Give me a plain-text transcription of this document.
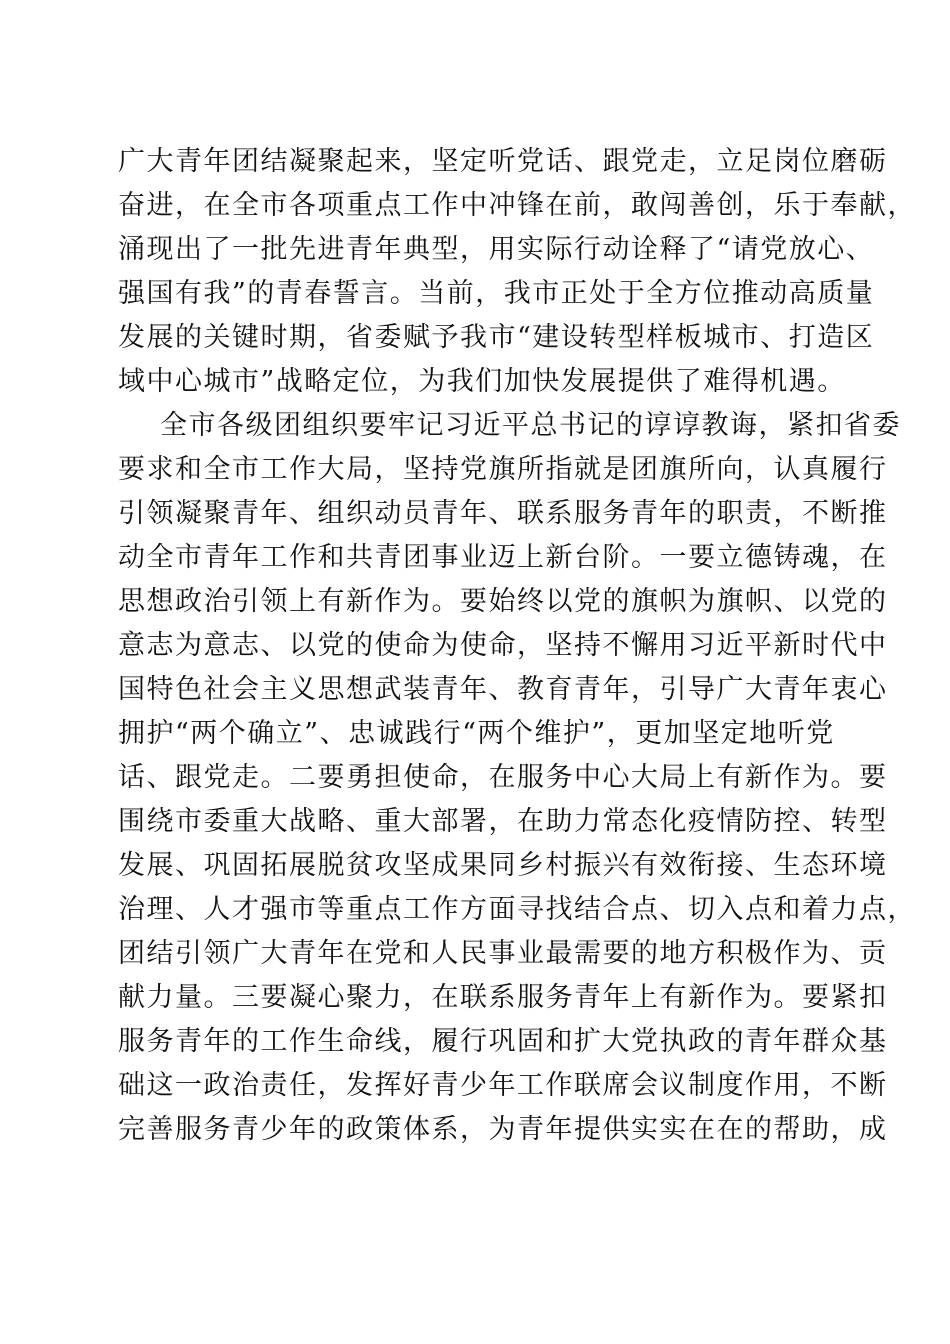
广大青年团结凝聚起来，坚定听党话、跟党走，立足岗位磨砺
奋进，在全市各项重点工作中冲锋在前，敢闯善创，乐于奉献，
涌现出了一批先进青年典型，用实际行动诠释了“请党放心、
强国有我”的青春誓言。当前，我市正处于全方位推动高质量
发展的关键时期，省委赋予我市“建设转型样板城市、打造区
域中心城市”战略定位，为我们加快发展提供了难得机遇。
全市各级团组织要牢记习近平总书记的谆谆教诲，紧扣省委
要求和全市工作大局，坚持党旗所指就是团旗所向，认真履行
引领凝聚青年、组织动员青年、联系服务青年的职责，不断推
动全市青年工作和共青团事业迈上新台阶。一要立德铸魂，在
思想政治引领上有新作为。要始终以党的旗帜为旗帜、以党的
意志为意志、以党的使命为使命，坚持不懈用习近平新时代中
国特色社会主义思想武装青年、教育青年，引导广大青年衷心
拥护“两个确立”、忠诚践行“两个维护”，更加坚定地听党
话、跟党走。二要勇担使命，在服务中心大局上有新作为。要
围绕市委重大战略、重大部署，在助力常态化疫情防控、转型
发展、巩固拓展脱贫攻坚成果同乡村振兴有效衔接、生态环境
治理、人才强市等重点工作方面寻找结合点、切入点和着力点，
团结引领广大青年在党和人民事业最需要的地方积极作为、贡
献力量。三要凝心聚力，在联系服务青年上有新作为。要紧扣
服务青年的工作生命线，履行巩固和扩大党执政的青年群众基
础这一政治责任，发挥好青少年工作联席会议制度作用，不断
完善服务青少年的政策体系，为青年提供实实在在的帮助，成
